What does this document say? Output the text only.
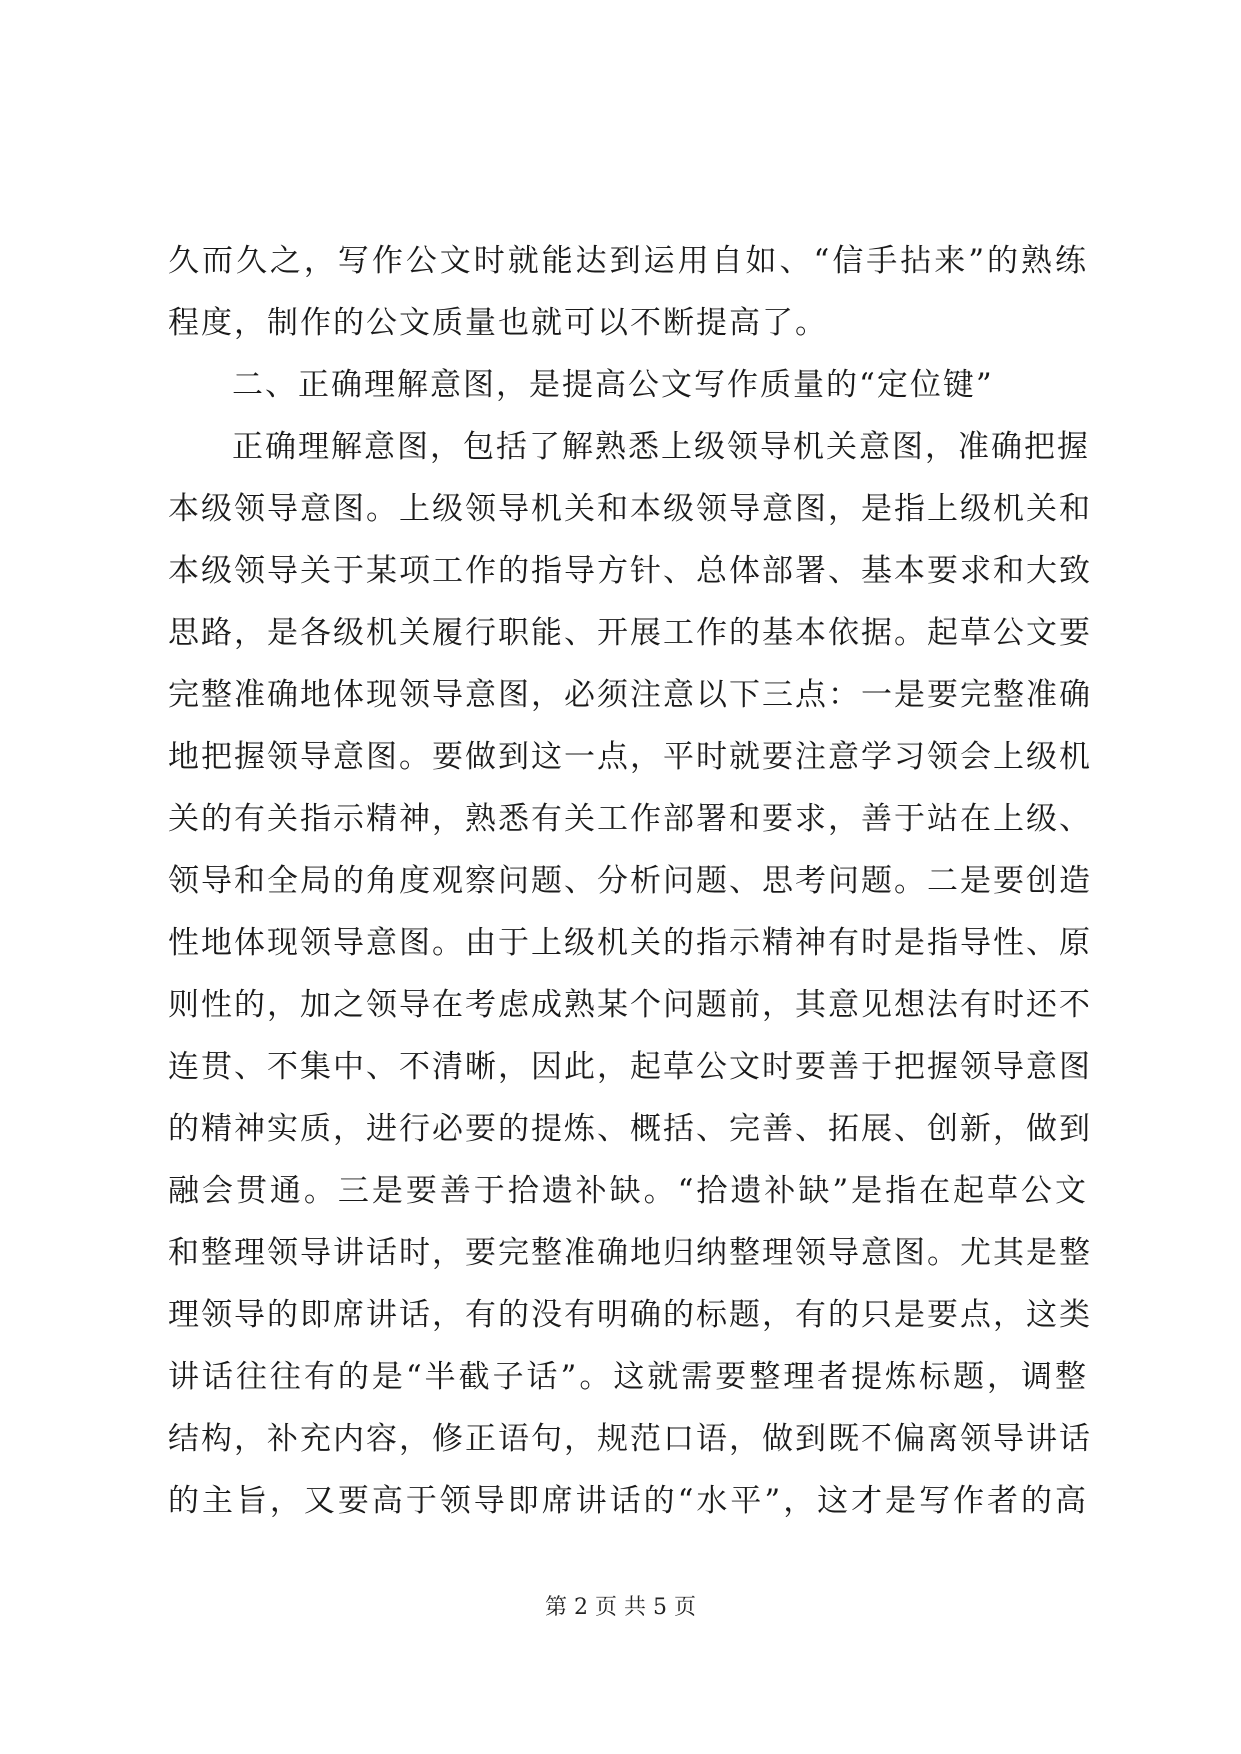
久而久之，写作公文时就能达到运用自如、“信手拈来”的熟练
程度，制作的公文质量也就可以不断提高了。
二、正确理解意图，是提高公文写作质量的“定位键”
正确理解意图，包括了解熟悉上级领导机关意图，准确把握
本级领导意图。上级领导机关和本级领导意图，是指上级机关和
本级领导关于某项工作的指导方针、总体部署、基本要求和大致
思路，是各级机关履行职能、开展工作的基本依据。起草公文要
完整准确地体现领导意图，必须注意以下三点：一是要完整准确
地把握领导意图。要做到这一点，平时就要注意学习领会上级机
关的有关指示精神，熟悉有关工作部署和要求，善于站在上级、
领导和全局的角度观察问题、分析问题、思考问题。二是要创造
性地体现领导意图。由于上级机关的指示精神有时是指导性、原
则性的，加之领导在考虑成熟某个问题前，其意见想法有时还不
连贯、不集中、不清晰，因此，起草公文时要善于把握领导意图
的精神实质，进行必要的提炼、概括、完善、拓展、创新，做到
融会贯通。三是要善于拾遗补缺。“拾遗补缺”是指在起草公文
和整理领导讲话时，要完整准确地归纳整理领导意图。尤其是整
理领导的即席讲话，有的没有明确的标题，有的只是要点，这类
讲话往往有的是“半截子话”。这就需要整理者提炼标题，调整
结构，补充内容，修正语句，规范口语，做到既不偏离领导讲话
的主旨，又要高于领导即席讲话的“水平”，这才是写作者的高
第 2 页 共 5 页
